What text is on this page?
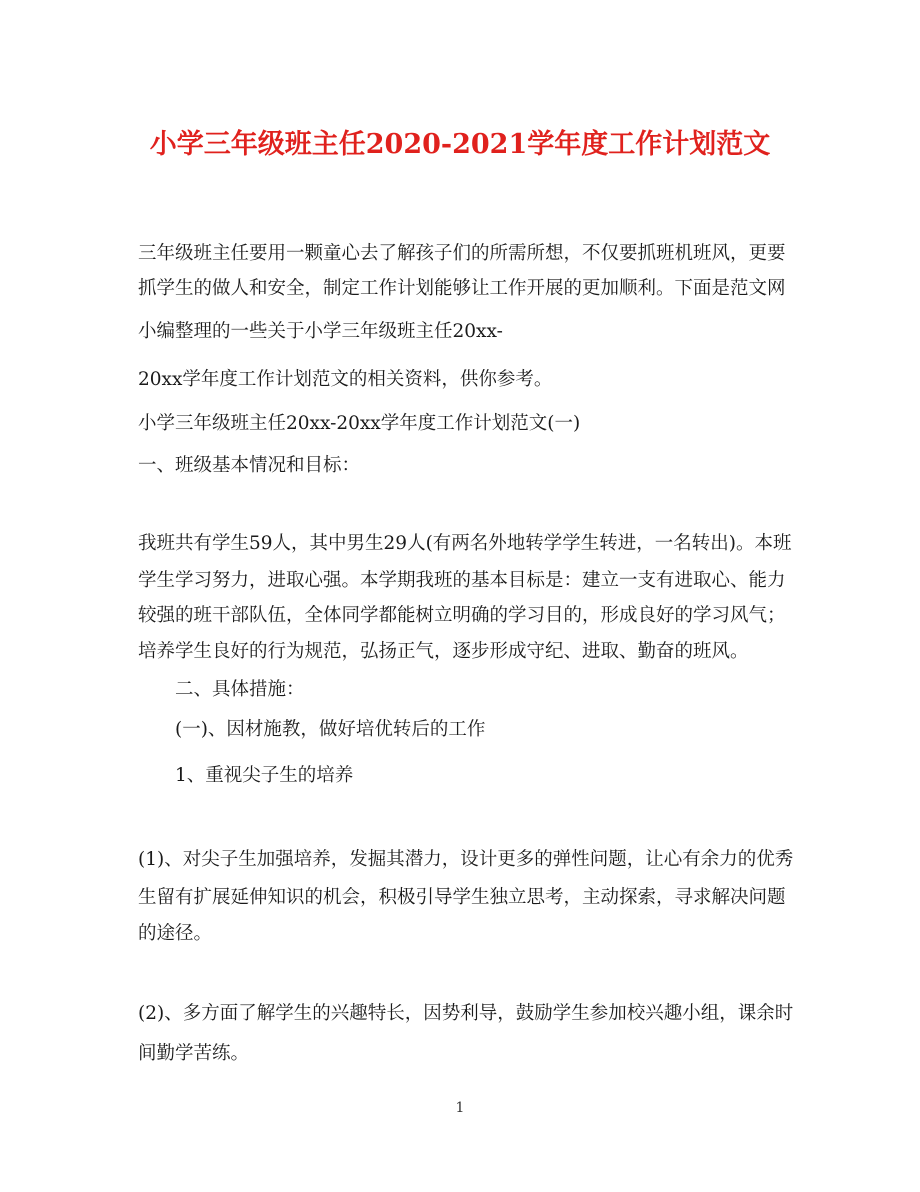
小学三年级班主任2020-2021学年度工作计划范文
三年级班主任要用一颗童心去了解孩子们的所需所想，不仅要抓班机班风，更要
抓学生的做人和安全，制定工作计划能够让工作开展的更加顺利。下面是范文网
小编整理的一些关于小学三年级班主任20xx-
20xx学年度工作计划范文的相关资料，供你参考。
小学三年级班主任20xx-20xx学年度工作计划范文(一)
一、班级基本情况和目标：
我班共有学生59人，其中男生29人(有两名外地转学学生转进，一名转出)。本班
学生学习努力，进取心强。本学期我班的基本目标是：建立一支有进取心、能力
较强的班干部队伍，全体同学都能树立明确的学习目的，形成良好的学习风气；
培养学生良好的行为规范，弘扬正气，逐步形成守纪、进取、勤奋的班风。
二、具体措施：
(一)、因材施教，做好培优转后的工作
1、重视尖子生的培养
(1)、对尖子生加强培养，发掘其潜力，设计更多的弹性问题，让心有余力的优秀
生留有扩展延伸知识的机会，积极引导学生独立思考，主动探索，寻求解决问题
的途径。
(2)、多方面了解学生的兴趣特长，因势利导，鼓励学生参加校兴趣小组，课余时
间勤学苦练。
1
